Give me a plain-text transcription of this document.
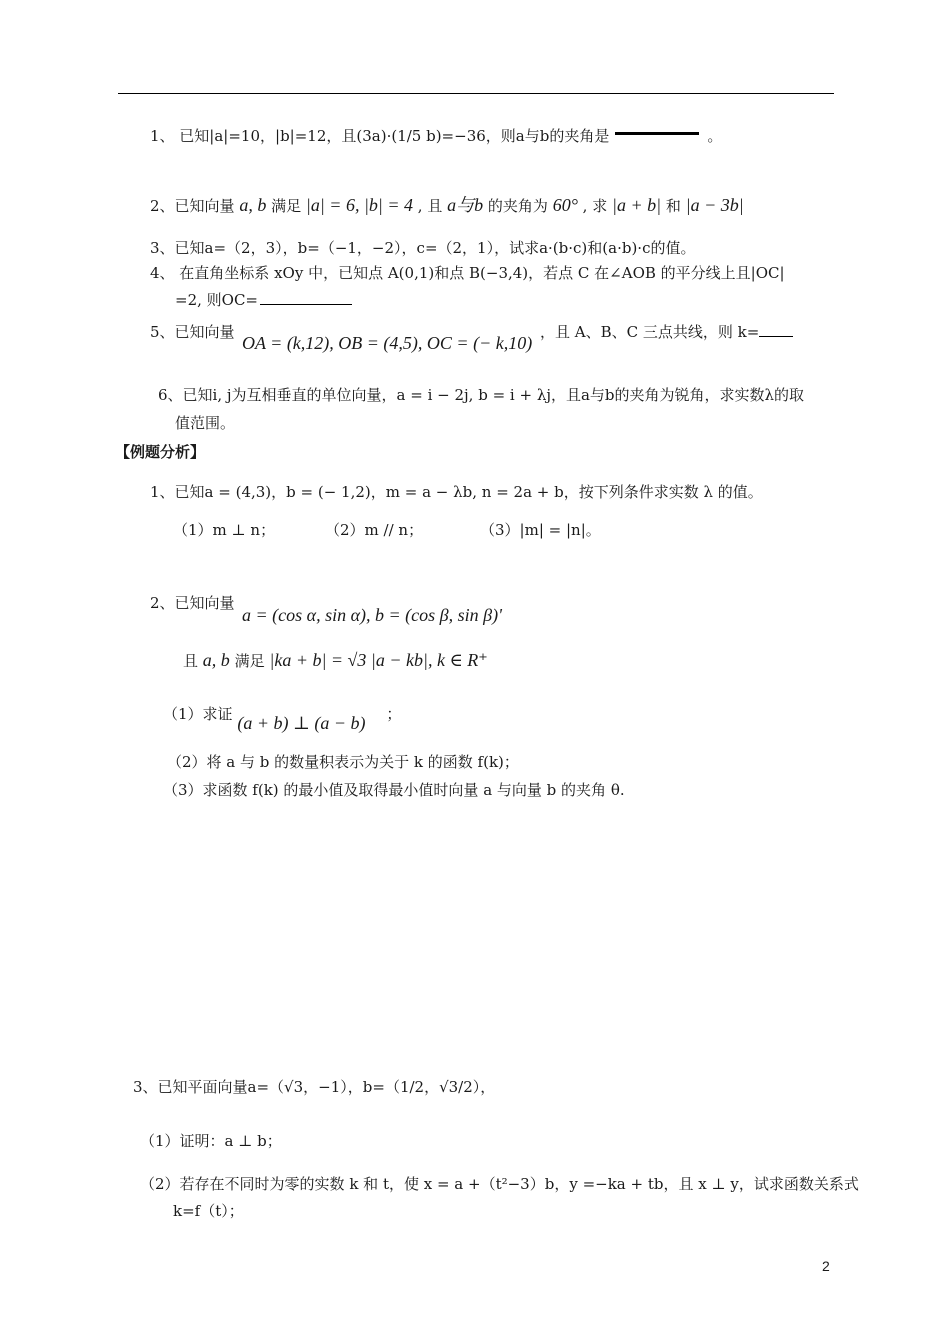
1、 已知|a|=10，|b|=12，且(3a)·(1/5 b)=−36，则a与b的夹角是	。
2、已知向量 a, b 满足 |a| = 6, |b| = 4 , 且 a与b 的夹角为 60° , 求 |a + b| 和 |a − 3b|
3、已知a=（2，3），b=（−1，−2），c=（2，1），试求a·(b·c)和(a·b)·c的值。
4、 在直角坐标系 xOy 中，已知点 A(0,1)和点 B(−3,4)，若点 C 在∠AOB 的平分线上且|OC|
=2, 则OC=
5、已知向量
OA = (k,12), OB = (4,5), OC = (− k,10)
，且 A、B、C 三点共线，则 k=
6、已知i, j为互相垂直的单位向量，a = i − 2j, b = i + λj，且a与b的夹角为锐角，求实数λ的取
值范围。
【例题分析】
1、已知a = (4,3)，b = (− 1,2)，m = a − λb, n = 2a + b，按下列条件求实数 λ 的值。
（1）m ⊥ n；	（2）m // n；	（3）|m| = |n|。
2、已知向量
a = (cos α, sin α), b = (cos β, sin β)'
且 a, b 满足 |ka + b| = √3 |a − kb|, k ∈ R⁺
（1）求证 (a + b) ⊥ (a − b) ；
（2）将 a 与 b 的数量积表示为关于 k 的函数 f(k)；
（3）求函数 f(k) 的最小值及取得最小值时向量 a 与向量 b 的夹角 θ.
3、已知平面向量a=（√3，−1），b=（1/2，√3/2），
（1）证明：a ⊥ b；
（2）若存在不同时为零的实数 k 和 t，使 x = a +（t²−3）b，y =−ka + tb，且 x ⊥ y，试求函数关系式
k=f（t）；
2
